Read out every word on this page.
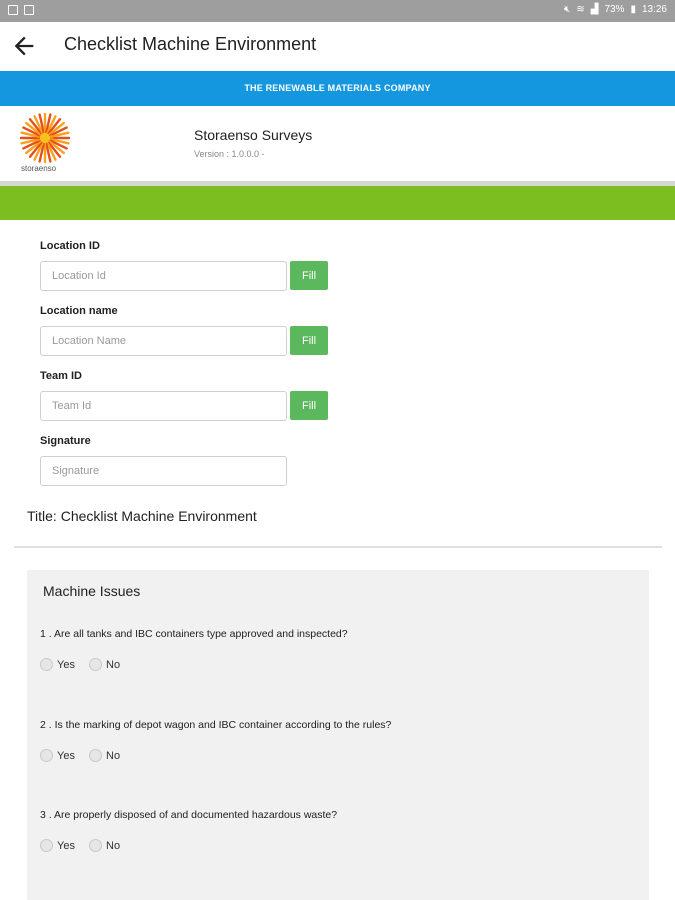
🔇︎ ≋ ▟ 73% ▮ 13:26
Checklist Machine Environment
THE RENEWABLE MATERIALS COMPANY
storaenso
Storaenso Surveys
Version : 1.0.0.0 -
Location ID
Location Id
Fill
Location name
Location Name
Fill
Team ID
Team Id
Fill
Signature
Signature
Title: Checklist Machine Environment
Machine Issues
1 . Are all tanks and IBC containers type approved and inspected?
Yes	No
2 . Is the marking of depot wagon and IBC container according to the rules?
Yes	No
3 . Are properly disposed of and documented hazardous waste?
Yes	No
